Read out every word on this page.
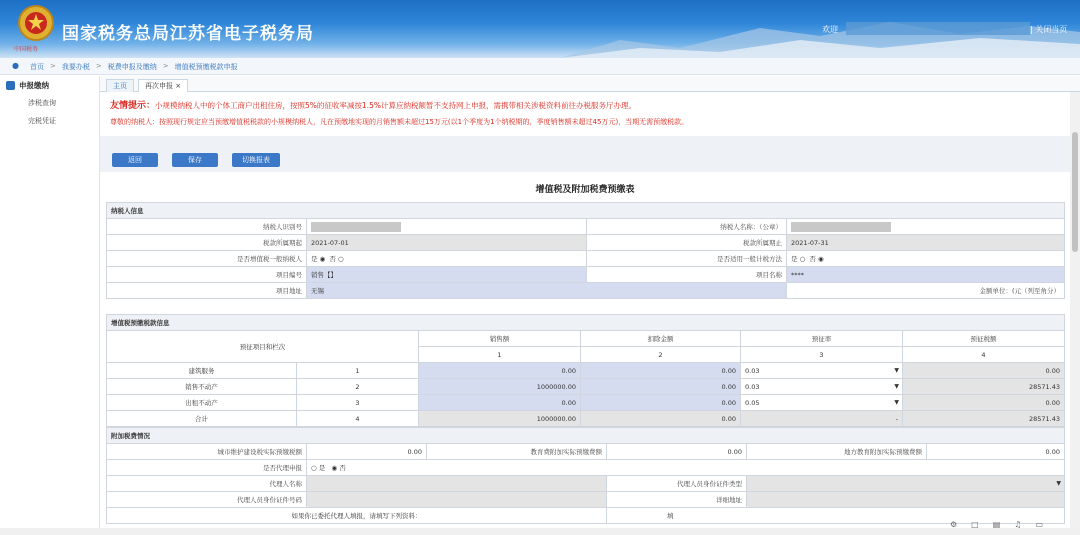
中国税务
国家税务总局江苏省电子税务局	欢迎	| 关闭当页
● 首页 > 我要办税 > 税费申报及缴纳 > 增值税预缴税款申报
申报缴纳
涉税查询
完税凭证
主页	再次申报 ×
友情提示：小规模纳税人中的个体工商户出租住房，按照5%的征收率减按1.5%计算应纳税额暂不支持网上申报，需携带相关涉税资料前往办税服务厅办理。
尊敬的纳税人：按照现行规定应当预缴增值税税款的小规模纳税人，凡在预缴地实现的月销售额未超过15万元(以1个季度为1个纳税期的，季度销售额未超过45万元)，当期无需预缴税款。
返回	保存	切换报表
增值税及附加税费预缴表
纳税人信息			
纳税人识别号		纳税人名称：（公章）	
税款所属期起	2021-07-01	税款所属期止	2021-07-31
是否增值税一般纳税人	是 ◉ 否 ○	是否适用一般计税方法	是 ○ 否 ◉
项目编号	销售【】	项目名称	****
项目地址	无锡		金额单位：(元（列至角分）
增值税预缴税款信息					
预征项目和栏次		销售额	扣除金额	预征率	预征税额
		1	2	3	4
建筑服务	1	0.00	0.00	0.03 ▼	0.00
销售不动产	2	1000000.00	0.00	0.03 ▼	28571.43
出租不动产	3	0.00	0.00	0.05 ▼	0.00
合计	4	1000000.00	0.00	-	28571.43
附加税费情况					
城市维护建设税实际预缴税额	0.00	教育费附加实际预缴费额	0.00	地方教育附加实际预缴费额	0.00
是否代理申报	○ 是 ◉ 否				
代理人名称			代理人员身份证件类型	▼	

代理人员身份证件号码			详细地址		
如果你已委托代理人填报，请填写下列资料：			填		
⚙ □ ▤ ♫ ▭
